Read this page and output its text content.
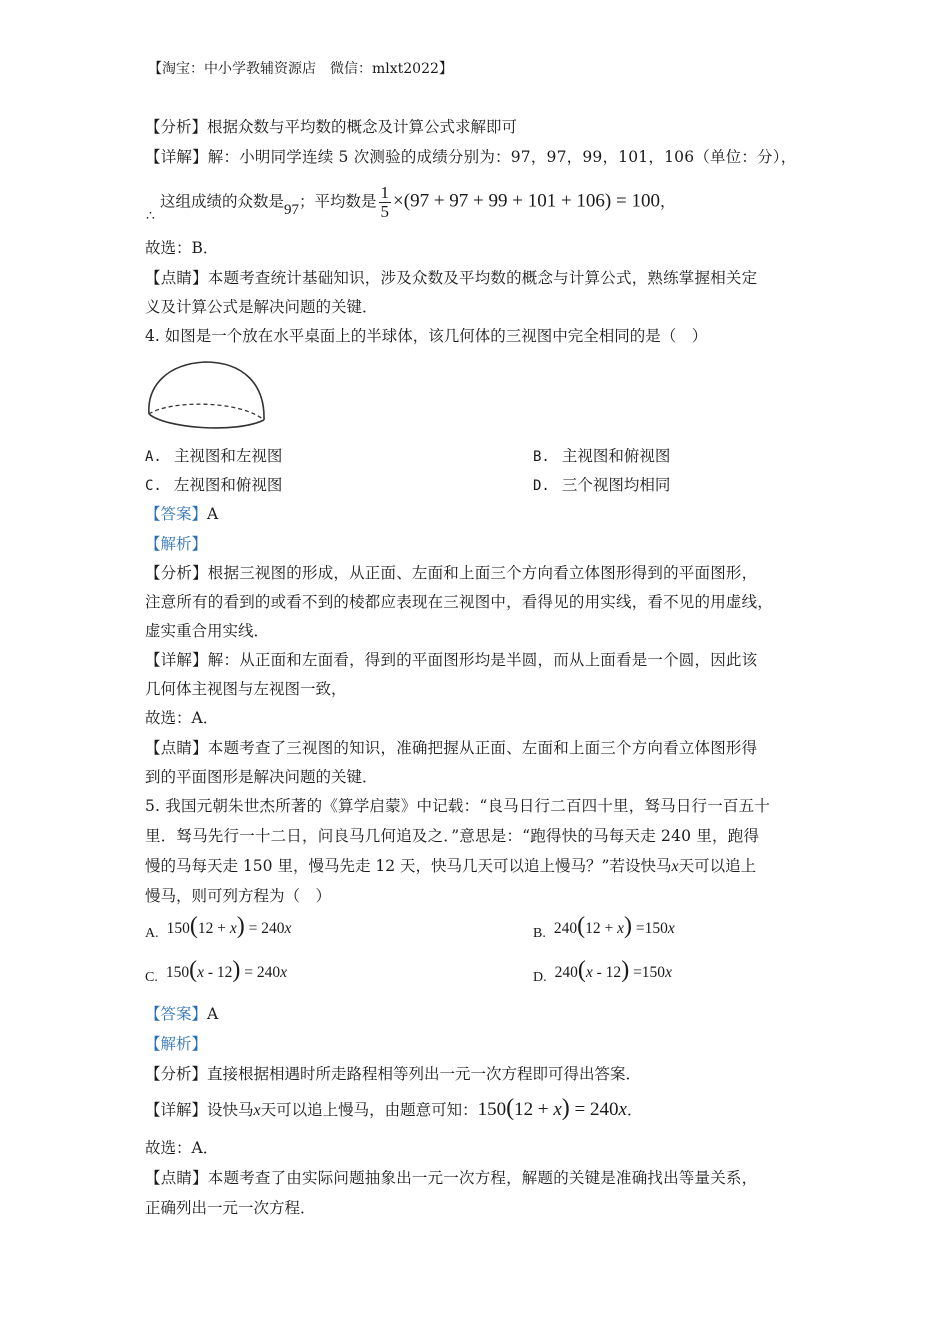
【淘宝：中小学教辅资源店　微信：mlxt2022】
【分析】根据众数与平均数的概念及计算公式求解即可
【详解】解：小明同学连续 5 次测验的成绩分别为：97，97，99，101，106（单位：分），
这组成绩的众数是97；平均数是 $\frac{1}{5} \times(97 + 97 + 99 + 101 + 106) = 100$，
∴
故选：B．
【点睛】本题考查统计基础知识，涉及众数及平均数的概念与计算公式，熟练掌握相关定
义及计算公式是解决问题的关键．
4. 如图是一个放在水平桌面上的半球体，该几何体的三视图中完全相同的是（　）
A. 主视图和左视图	B. 主视图和俯视图
C. 左视图和俯视图	D. 三个视图均相同
【答案】A
【解析】
【分析】根据三视图的形成，从正面、左面和上面三个方向看立体图形得到的平面图形，
注意所有的看到的或看不到的棱都应表现在三视图中，看得见的用实线，看不见的用虚线，
虚实重合用实线．
【详解】解：从正面和左面看，得到的平面图形均是半圆，而从上面看是一个圆，因此该
几何体主视图与左视图一致，
故选：A．
【点睛】本题考查了三视图的知识，准确把握从正面、左面和上面三个方向看立体图形得
到的平面图形是解决问题的关键．
5. 我国元朝朱世杰所著的《算学启蒙》中记载：“良马日行二百四十里，驽马日行一百五十
里．驽马先行一十二日，问良马几何追及之．”意思是：“跑得快的马每天走 240 里，跑得
慢的马每天走 150 里，慢马先走 12 天，快马几天可以追上慢马？”若设快马x天可以追上
慢马，则可列方程为（　）
A. 150(12 + x) = 240x	B. 240(12 + x) =150x
C. 150(x - 12) = 240x	D. 240(x - 12) =150x
【答案】A
【解析】
【分析】直接根据相遇时所走路程相等列出一元一次方程即可得出答案．
【详解】设快马x天可以追上慢马，由题意可知：150(12 + x) = 240x．
故选：A．
【点睛】本题考查了由实际问题抽象出一元一次方程，解题的关键是准确找出等量关系，
正确列出一元一次方程．
